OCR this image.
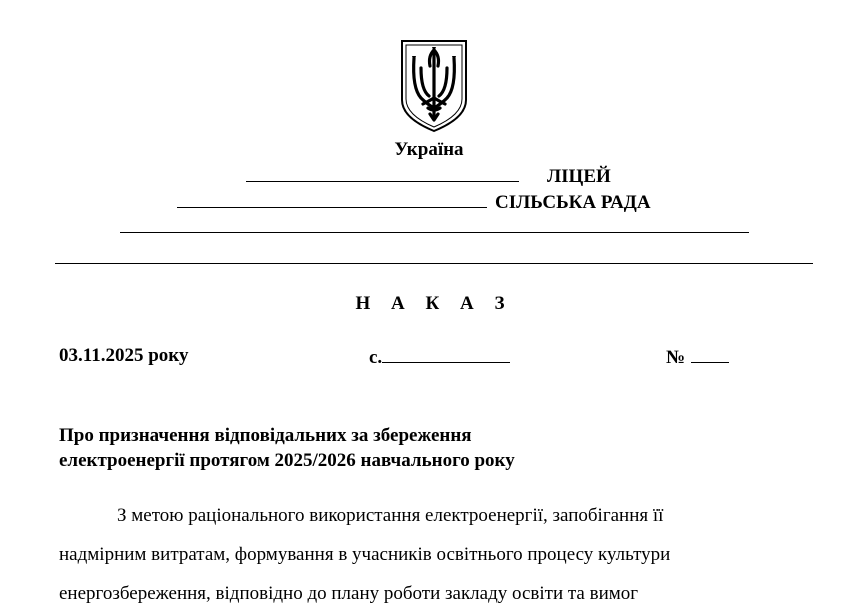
Україна
ЛІЦЕЙ
СІЛЬСЬКА РАДА
Н А К А З
03.11.2025 року	с.	№
Про призначення відповідальних за збереження
електроенергії протягом 2025/2026 навчального року
З метою раціонального використання електроенергії, запобігання її
надмірним витратам, формування в учасників освітнього процесу культури
енергозбереження, відповідно до плану роботи закладу освіти та вимог
